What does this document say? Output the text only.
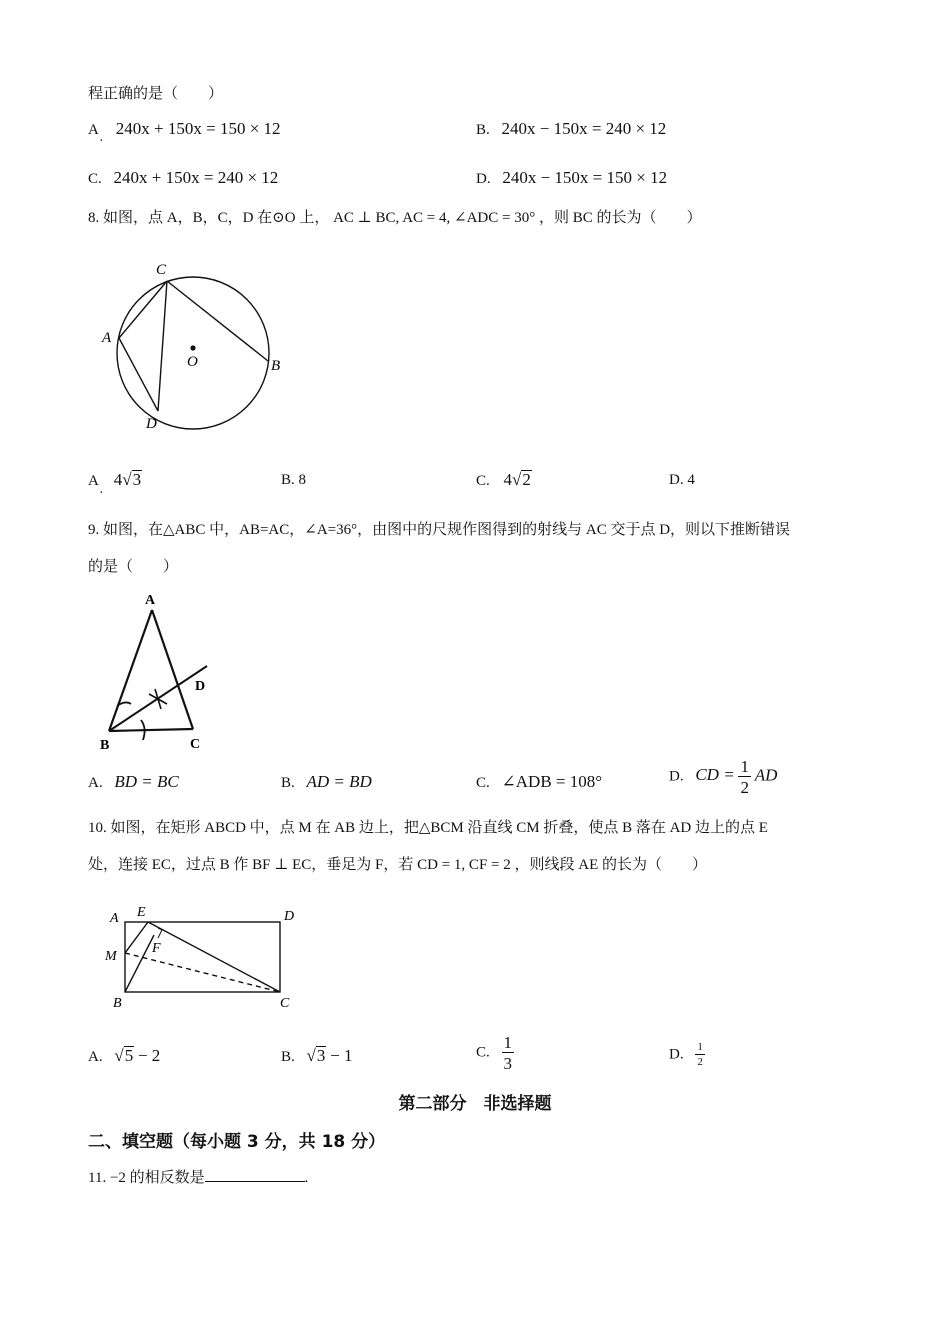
程正确的是（　　）
A 240x + 150x = 150 × 12
·
B. 240x − 150x = 240 × 12
C. 240x + 150x = 240 × 12	D. 240x − 150x = 150 × 12
8. 如图，点 A，B，C，D 在⊙O 上， AC ⊥ BC, AC = 4, ∠ADC = 30° ，则 BC 的长为（　　）
C
A
O	B
D
A 4√3
·
B. 8	C. 4√2	D. 4
9. 如图，在△ABC 中，AB=AC，∠A=36°，由图中的尺规作图得到的射线与 AC 交于点 D，则以下推断错误
的是（　　）
A
B	C
D
A. BD = BC	B. AD = BD	C. ∠ADB = 108°	D. CD = $\frac{1}{2}$ AD
10. 如图，在矩形 ABCD 中，点 M 在 AB 边上，把△BCM 沿直线 CM 折叠，使点 B 落在 AD 边上的点 E
处，连接 EC，过点 B 作 BF ⊥ EC，垂足为 F，若 CD = 1, CF = 2 ，则线段 AE 的长为（　　）
A E	D
M
F
B	C
A. √5 − 2	B. √3 − 1	C. $\frac{1}{3}$	D. $\frac{1}{2}$
第二部分　非选择题
二、填空题（每小题 3 分，共 18 分）
11. −2 的相反数是	.
